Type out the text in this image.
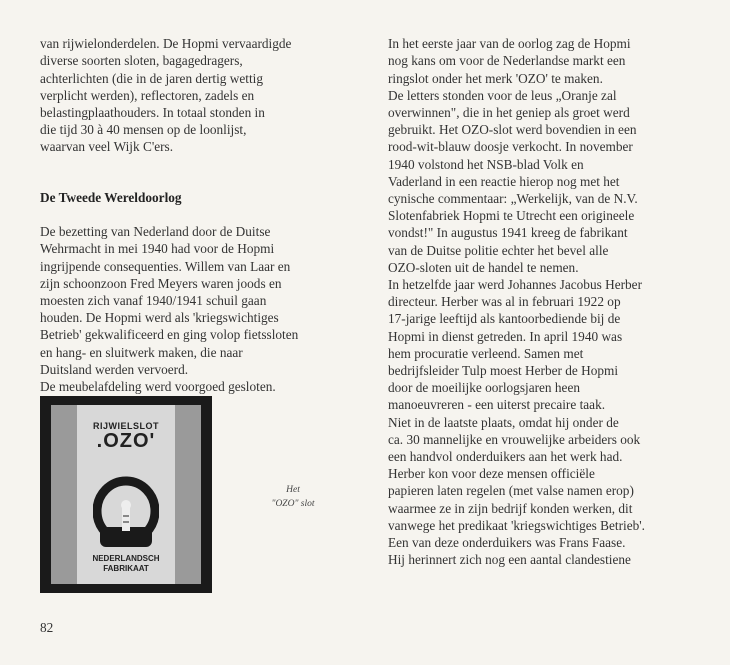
van rijwielonderdelen. De Hopmi vervaardigde
diverse soorten sloten, bagagedragers,
achterlichten (die in de jaren dertig wettig
verplicht werden), reflectoren, zadels en
belastingplaathouders. In totaal stonden in
die tijd 30 à 40 mensen op de loonlijst,
waarvan veel Wijk C'ers.

De Tweede Wereldoorlog

De bezetting van Nederland door de Duitse
Wehrmacht in mei 1940 had voor de Hopmi
ingrijpende consequenties. Willem van Laar en
zijn schoonzoon Fred Meyers waren joods en
moesten zich vanaf 1940/1941 schuil gaan
houden. De Hopmi werd als 'kriegswichtiges
Betrieb' gekwalificeerd en ging volop fietssloten
en hang- en sluitwerk maken, die naar
Duitsland werden vervoerd.
De meubelafdeling werd voorgoed gesloten.

In het eerste jaar van de oorlog zag de Hopmi
nog kans om voor de Nederlandse markt een
ringslot onder het merk 'OZO' te maken.
De letters stonden voor de leus „Oranje zal
overwinnen", die in het geniep als groet werd
gebruikt. Het OZO-slot werd bovendien in een
rood-wit-blauw doosje verkocht. In november
1940 volstond het NSB-blad Volk en
Vaderland in een reactie hierop nog met het
cynische commentaar: „Werkelijk, van de N.V.
Slotenfabriek Hopmi te Utrecht een origineele
vondst!" In augustus 1941 kreeg de fabrikant
van de Duitse politie echter het bevel alle
OZO-sloten uit de handel te nemen.
In hetzelfde jaar werd Johannes Jacobus Herber
directeur. Herber was al in februari 1922 op
17-jarige leeftijd als kantoorbediende bij de
Hopmi in dienst getreden. In april 1940 was
hem procuratie verleend. Samen met
bedrijfsleider Tulp moest Herber de Hopmi
door de moeilijke oorlogsjaren heen
manoeuvreren - een uiterst precaire taak.
Niet in de laatste plaats, omdat hij onder de
ca. 30 mannelijke en vrouwelijke arbeiders ook
een handvol onderduikers aan het werk had.
Herber kon voor deze mensen officiële
papieren laten regelen (met valse namen erop)
waarmee ze in zijn bedrijf konden werken, dit
vanwege het predikaat 'kriegswichtiges Betrieb'.
Een van deze onderduikers was Frans Faase.
Hij herinnert zich nog een aantal clandestiene

RIJWIELSLOT
.OZO'
NEDERLANDSCH
FABRIKAAT
Het
"OZO" slot
82
